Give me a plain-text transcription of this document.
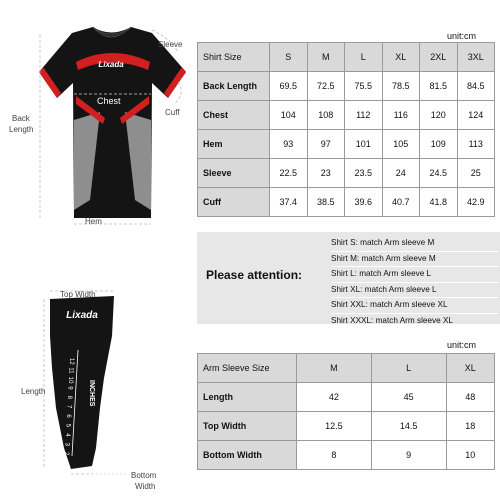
Lixada
Chest
Sleeve
Back
Length
Cuff
Hem
unit:cm
Shirt Size	S	M	L	XL	2XL	3XL
Back Length	69.5	72.5	75.5	78.5	81.5	84.5
Chest	104	108	112	116	120	124
Hem	93	97	101	105	109	113
Sleeve	22.5	23	23.5	24	24.5	25
Cuff	37.4	38.5	39.6	40.7	41.8	42.9
Please attention:
Shirt S: match Arm sleeve M
Shirt M: match Arm sleeve M
Shirt L: match Arm sleeve L
Shirt XL: match Arm sleeve L
Shirt XXL: match Arm sleeve XL
Shirt XXXL: match Arm sleeve XL
Lixada
INCHES
12
11
10
9
8
7
6
5
4
3
2
Top Width
Length
Bottom
Width
unit:cm
Arm Sleeve Size	M	L	XL
Length	42	45	48
Top Width	12.5	14.5	18
Bottom Width	8	9	10
